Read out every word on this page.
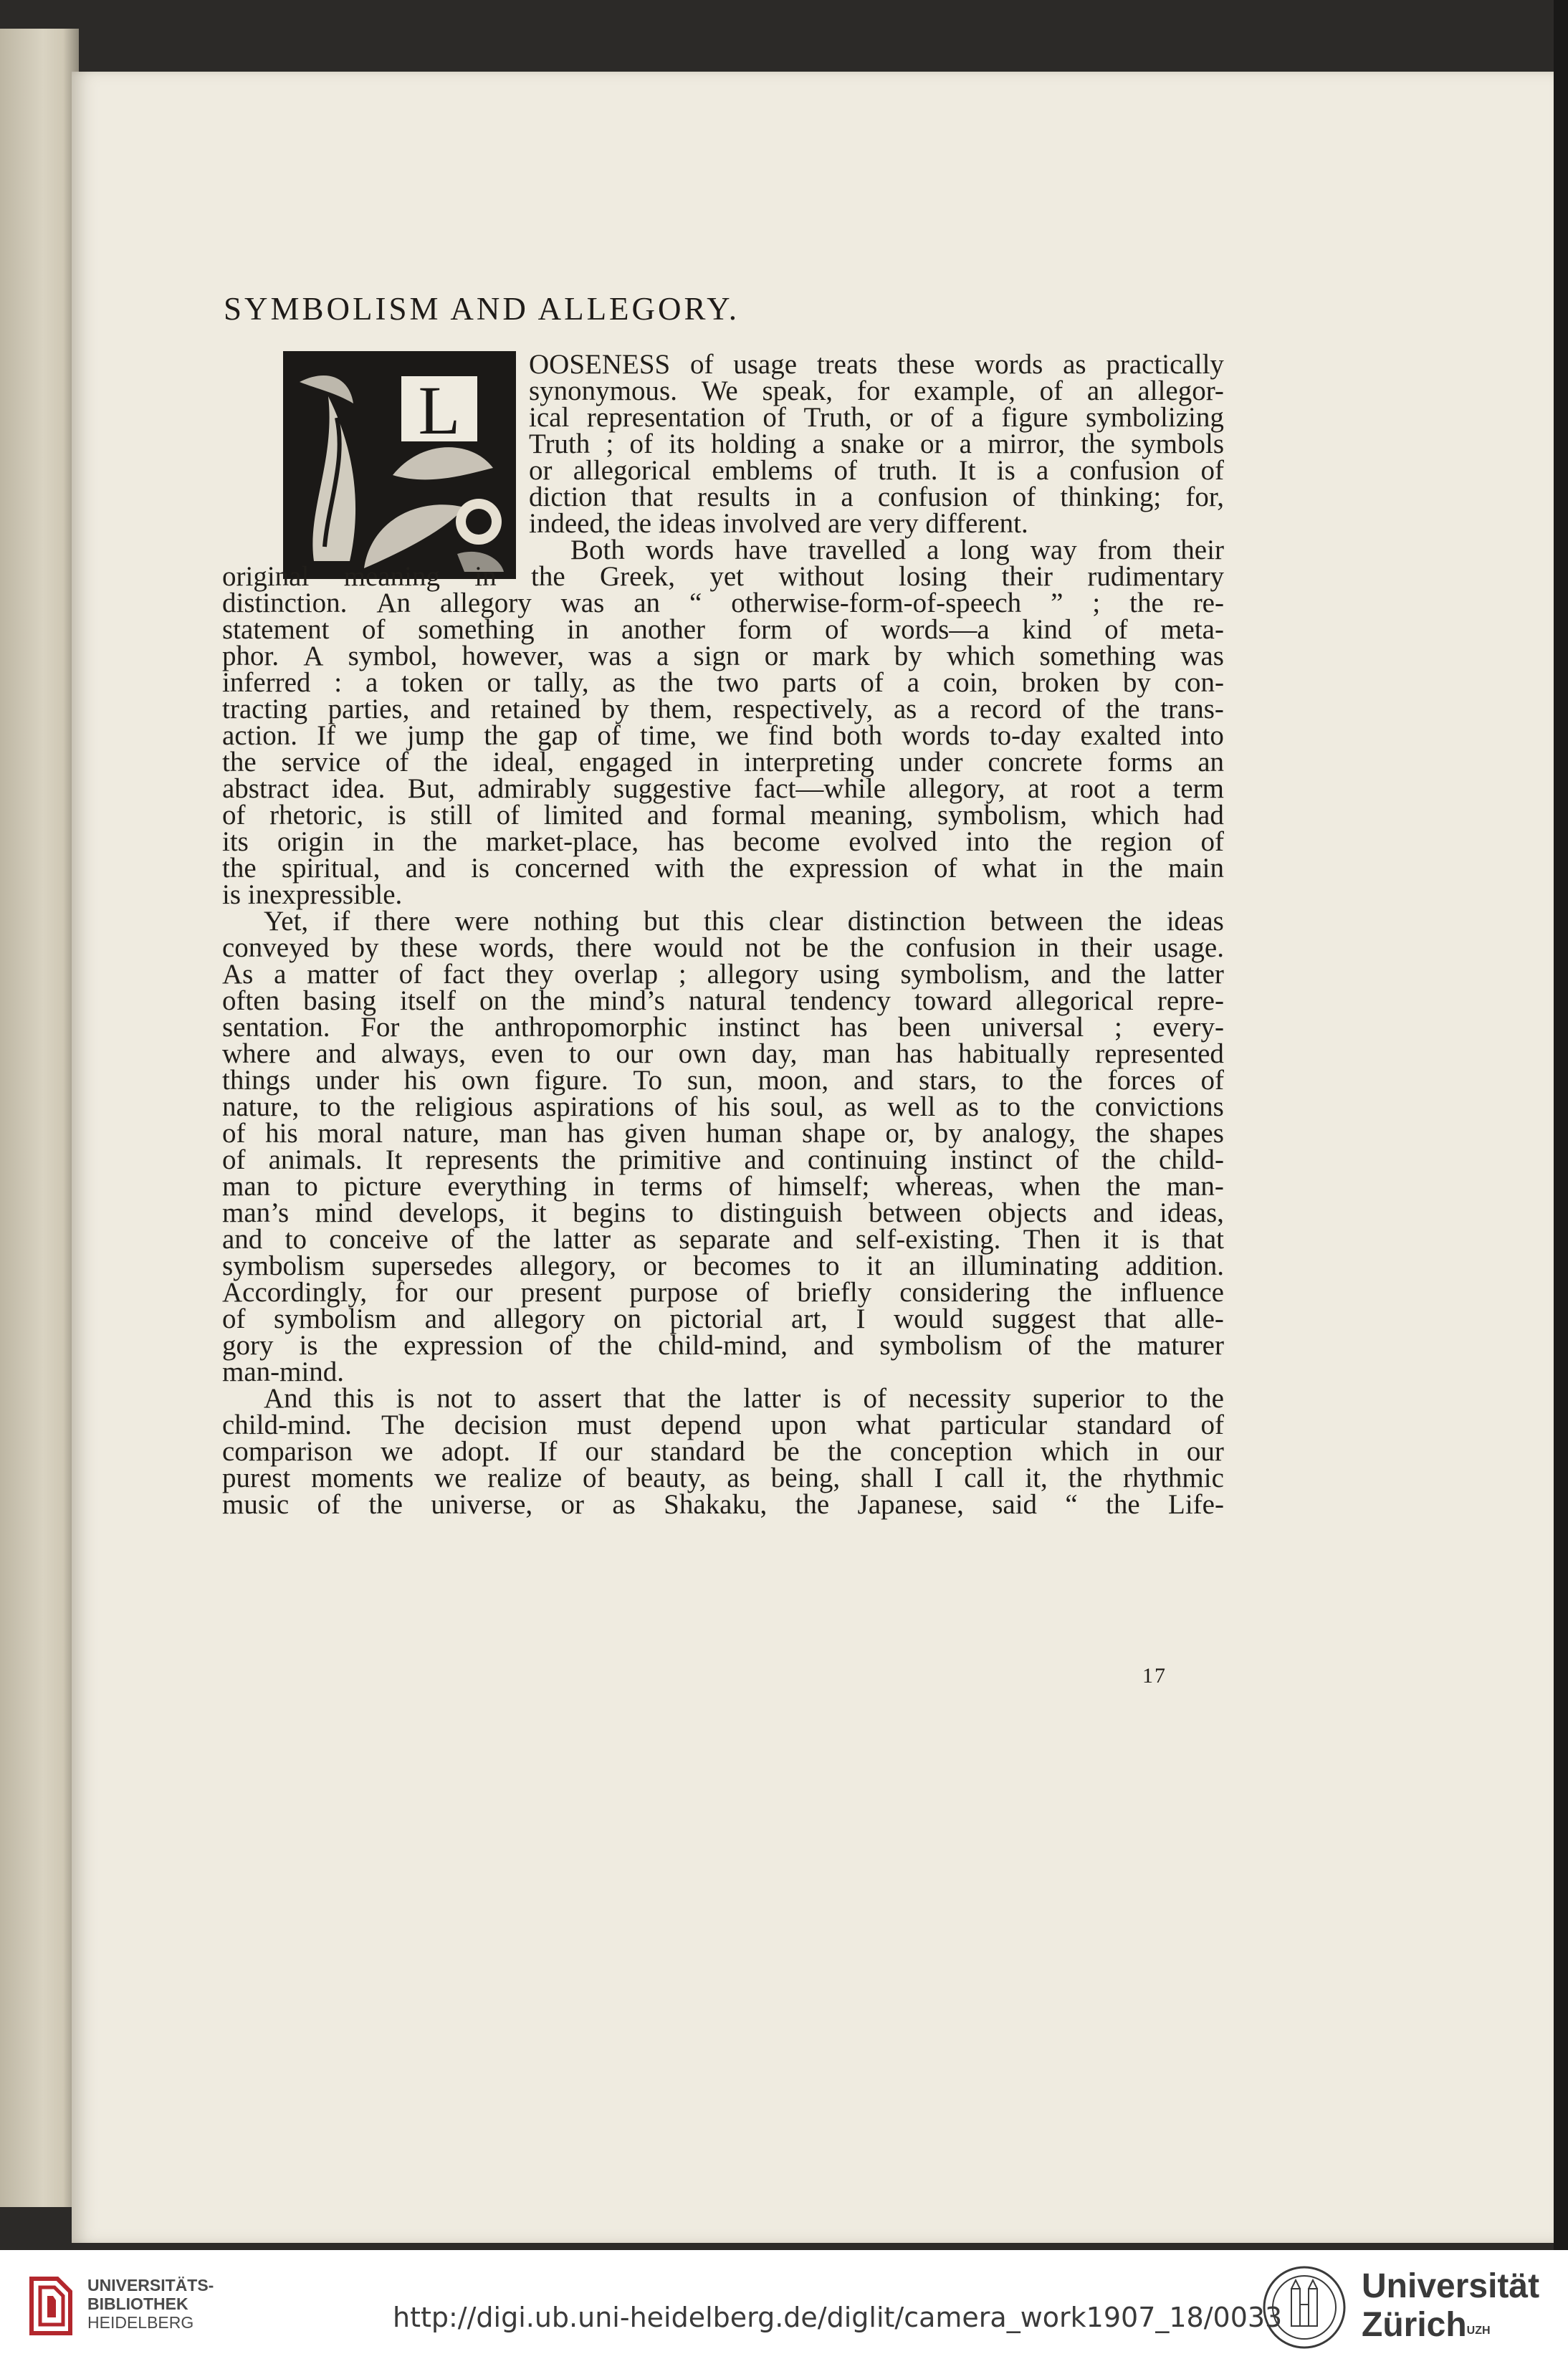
SYMBOLISM AND ALLEGORY.
L
OOSENESS of usage treats these words as practically
synonymous. We speak, for example, of an allegor-
ical representation of Truth, or of a figure symbolizing
Truth ; of its holding a snake or a mirror, the symbols
or allegorical emblems of truth. It is a confusion of
diction that results in a confusion of thinking; for,
indeed,
the
ideas
involved
are
very
different.
Both words have travelled a long way from their
original meaning in the Greek, yet without losing their rudimentary
distinction. An allegory was an “ otherwise-form-of-speech ” ; the re-
statement of something in another form of words—a kind of meta-
phor. A symbol, however, was a sign or mark by which something was
inferred : a token or tally, as the two parts of a coin, broken by con-
tracting parties, and retained by them, respectively, as a record of the trans-
action. If we jump the gap of time, we find both words to-day exalted into
the service of the ideal, engaged in interpreting under concrete forms an
abstract idea. But, admirably suggestive fact—while allegory, at root a term
of rhetoric, is still of limited and formal meaning, symbolism, which had
its origin in the market-place, has become evolved into the region of
the spiritual, and is concerned with the expression of what in the main
is
inexpressible.
Yet, if there were nothing but this clear distinction between the ideas
conveyed by these words, there would not be the confusion in their usage.
As a matter of fact they overlap ; allegory using symbolism, and the latter
often basing itself on the mind’s natural tendency toward allegorical repre-
sentation. For the anthropomorphic instinct has been universal ; every-
where and always, even to our own day, man has habitually represented
things under his own figure. To sun, moon, and stars, to the forces of
nature, to the religious aspirations of his soul, as well as to the convictions
of his moral nature, man has given human shape or, by analogy, the shapes
of animals. It represents the primitive and continuing instinct of the child-
man to picture everything in terms of himself; whereas, when the man-
man’s mind develops, it begins to distinguish between objects and ideas,
and to conceive of the latter as separate and self-existing. Then it is that
symbolism supersedes allegory, or becomes to it an illuminating addition.
Accordingly, for our present purpose of briefly considering the influence
of symbolism and allegory on pictorial art, I would suggest that alle-
gory is the expression of the child-mind, and symbolism of the maturer
man-mind.
And this is not to assert that the latter is of necessity superior to the
child-mind. The decision must depend upon what particular standard of
comparison we adopt. If our standard be the conception which in our
purest moments we realize of beauty, as being, shall I call it, the rhythmic
music of the universe, or as Shakaku, the Japanese, said “ the Life-
17
UNIVERSITÄTS-
BIBLIOTHEK
HEIDELBERG	http://digi.ub.uni-heidelberg.de/diglit/camera_work1907_18/0033
Universität
Zürich$^{UZH}$
